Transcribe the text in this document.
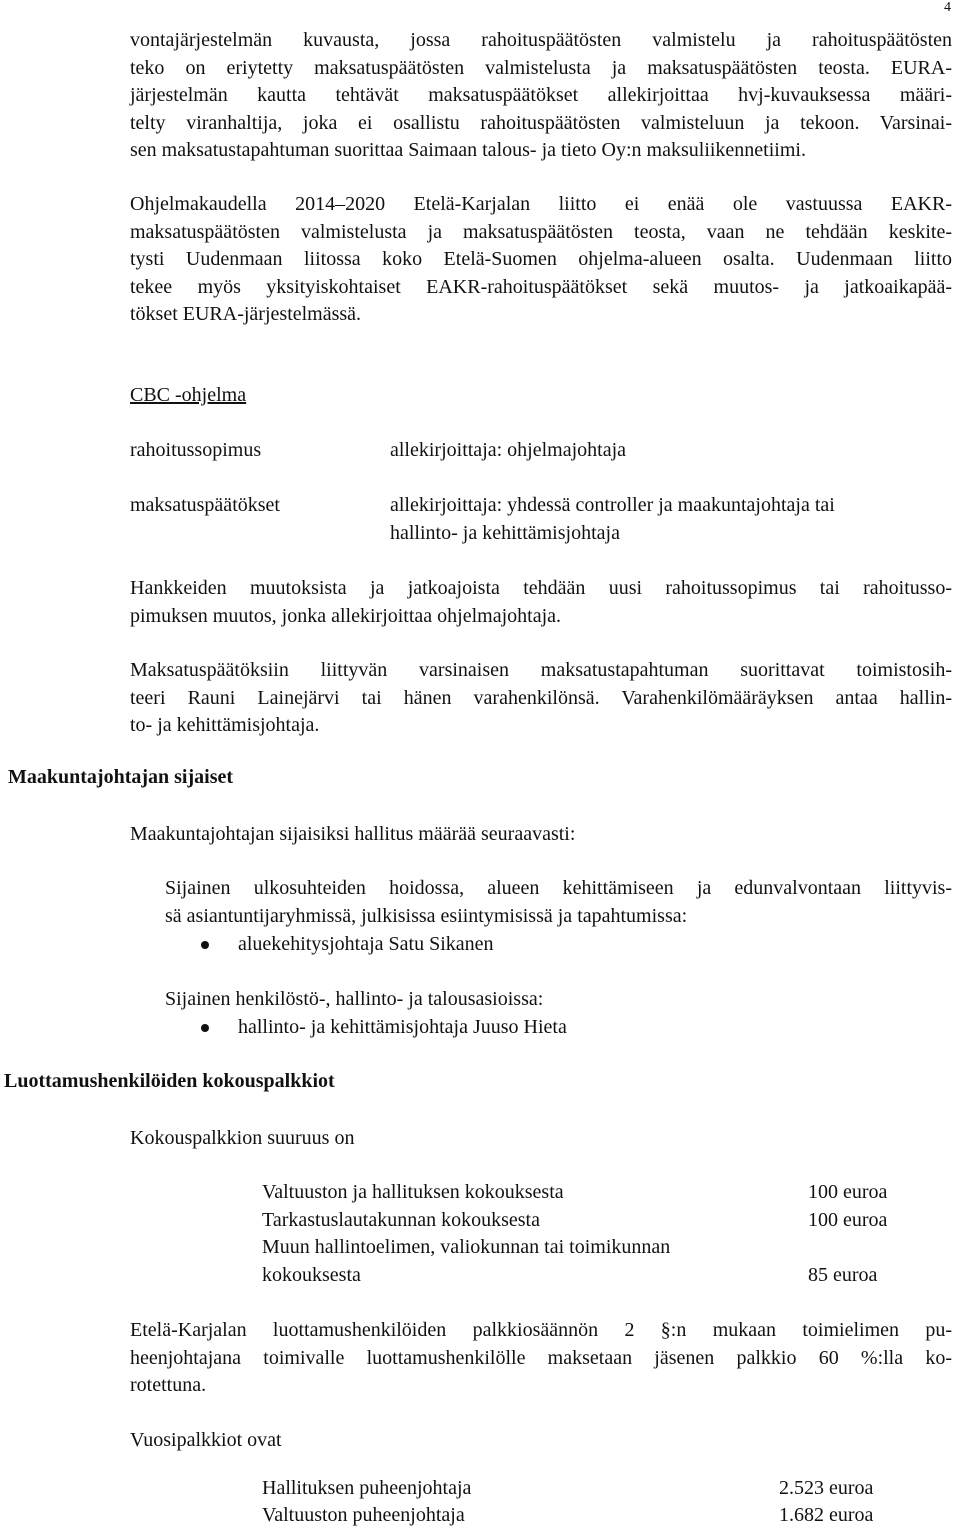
4
vontajärjestelmän kuvausta, jossa rahoituspäätösten valmistelu ja rahoituspäätösten
teko on eriytetty maksatuspäätösten valmistelusta ja maksatuspäätösten teosta. EURA-
järjestelmän kautta tehtävät maksatuspäätökset allekirjoittaa hvj-kuvauksessa määri-
telty viranhaltija, joka ei osallistu rahoituspäätösten valmisteluun ja tekoon. Varsinai-
sen maksatustapahtuman suorittaa Saimaan talous- ja tieto Oy:n maksuliikennetiimi.
Ohjelmakaudella 2014–2020 Etelä-Karjalan liitto ei enää ole vastuussa EAKR-
maksatuspäätösten valmistelusta ja maksatuspäätösten teosta, vaan ne tehdään keskite-
tysti Uudenmaan liitossa koko Etelä-Suomen ohjelma-alueen osalta. Uudenmaan liitto
tekee myös yksityiskohtaiset EAKR-rahoituspäätökset sekä muutos- ja jatkoaikapää-
tökset EURA-järjestelmässä.
CBC -ohjelma
rahoitussopimus	allekirjoittaja: ohjelmajohtaja
maksatuspäätökset	allekirjoittaja: yhdessä controller ja maakuntajohtaja tai
hallinto- ja kehittämisjohtaja
Hankkeiden muutoksista ja jatkoajoista tehdään uusi rahoitussopimus tai rahoitusso-
pimuksen muutos, jonka allekirjoittaa ohjelmajohtaja.
Maksatuspäätöksiin liittyvän varsinaisen maksatustapahtuman suorittavat toimistosih-
teeri Rauni Lainejärvi tai hänen varahenkilönsä. Varahenkilömääräyksen antaa hallin-
to- ja kehittämisjohtaja.
Maakuntajohtajan sijaiset
Maakuntajohtajan sijaisiksi hallitus määrää seuraavasti:
Sijainen ulkosuhteiden hoidossa, alueen kehittämiseen ja edunvalvontaan liittyvis-
sä asiantuntijaryhmissä, julkisissa esiintymisissä ja tapahtumissa:
aluekehitysjohtaja Satu Sikanen
Sijainen henkilöstö-, hallinto- ja talousasioissa:
hallinto- ja kehittämisjohtaja Juuso Hieta
Luottamushenkilöiden kokouspalkkiot
Kokouspalkkion suuruus on
Valtuuston ja hallituksen kokouksesta	100 euroa
Tarkastuslautakunnan kokouksesta	100 euroa
Muun hallintoelimen, valiokunnan tai toimikunnan
kokouksesta	85 euroa
Etelä-Karjalan luottamushenkilöiden palkkiosäännön 2 §:n mukaan toimielimen pu-
heenjohtajana toimivalle luottamushenkilölle maksetaan jäsenen palkkio 60 %:lla ko-
rotettuna.
Vuosipalkkiot ovat
Hallituksen puheenjohtaja	2.523 euroa
Valtuuston puheenjohtaja	1.682 euroa
